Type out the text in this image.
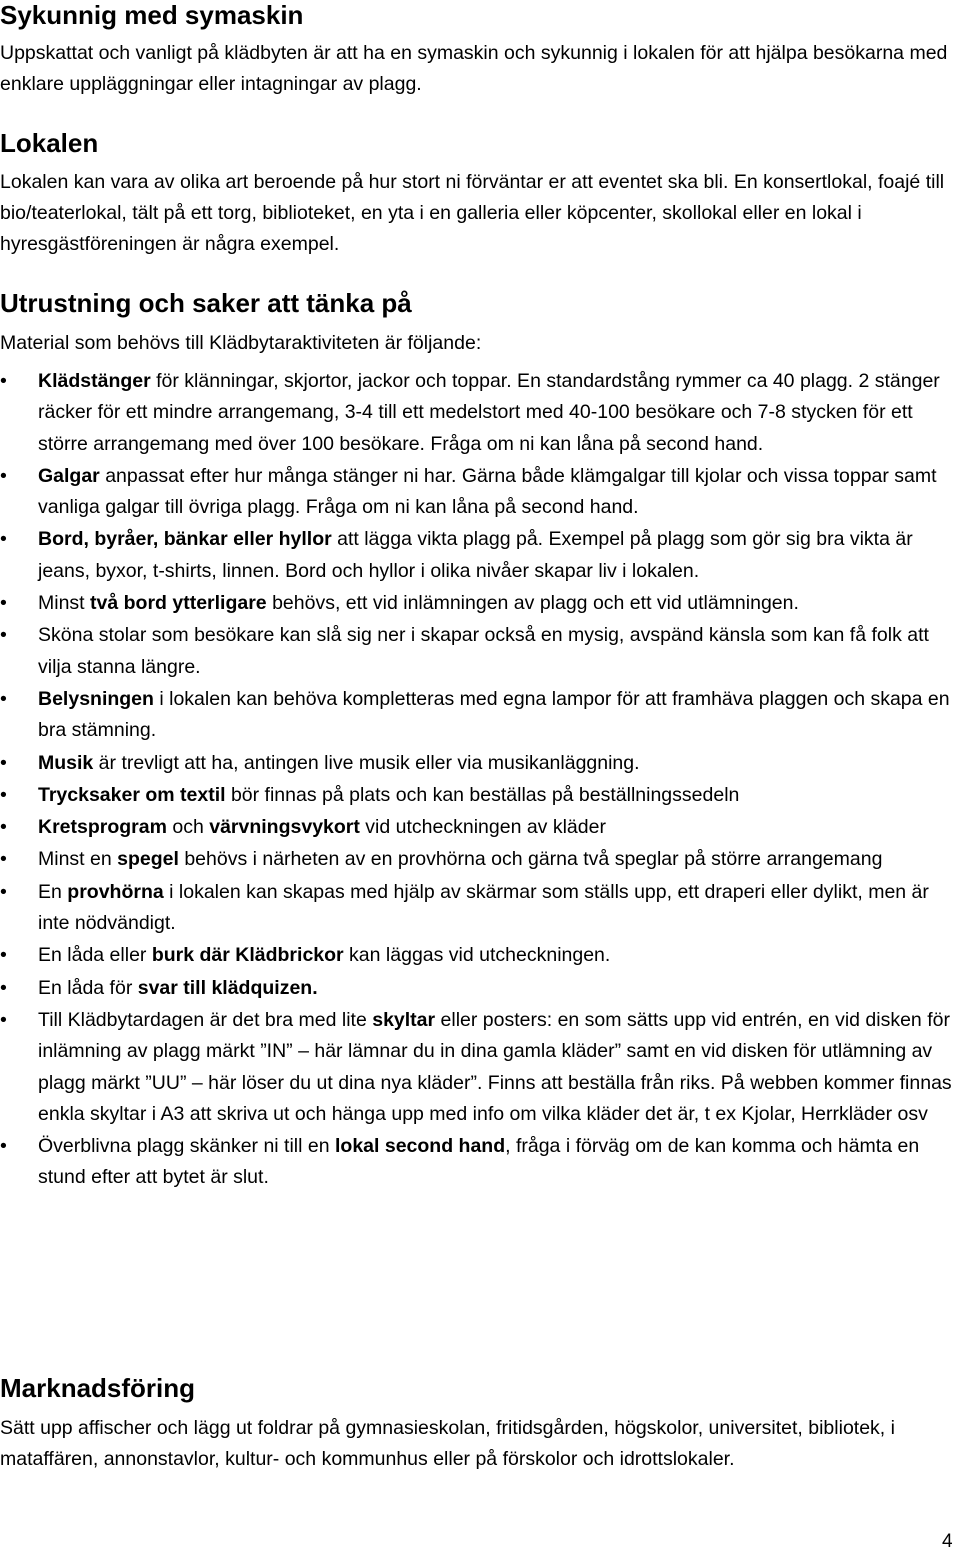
Sykunnig med symaskin

Uppskattat och vanligt på klädbyten är att ha en symaskin och sykunnig i lokalen för att hjälpa besökarna med enklare uppläggningar eller intagningar av plagg.

Lokalen

Lokalen kan vara av olika art beroende på hur stort ni förväntar er att eventet ska bli. En konsertlokal, foajé till bio/teaterlokal, tält på ett torg, biblioteket, en yta i en galleria eller köpcenter, skollokal eller en lokal i hyresgästföreningen är några exempel.

Utrustning och saker att tänka på

Material som behövs till Klädbytaraktiviteten är följande:

•	Klädstänger för klänningar, skjortor, jackor och toppar. En standardstång rymmer ca 40 plagg. 2 stänger räcker för ett mindre arrangemang, 3-4 till ett medelstort med 40-100 besökare och 7-8 stycken för ett större arrangemang med över 100 besökare. Fråga om ni kan låna på second hand.
•	Galgar anpassat efter hur många stänger ni har. Gärna både klämgalgar till kjolar och vissa toppar samt vanliga galgar till övriga plagg. Fråga om ni kan låna på second hand.
•	Bord, byråer, bänkar eller hyllor att lägga vikta plagg på. Exempel på plagg som gör sig bra vikta är jeans, byxor, t-shirts, linnen. Bord och hyllor i olika nivåer skapar liv i lokalen.
•	Minst två bord ytterligare behövs, ett vid inlämningen av plagg och ett vid utlämningen.
•	Sköna stolar som besökare kan slå sig ner i skapar också en mysig, avspänd känsla som kan få folk att vilja stanna längre.
•	Belysningen i lokalen kan behöva kompletteras med egna lampor för att framhäva plaggen och skapa en bra stämning.
•	Musik är trevligt att ha, antingen live musik eller via musikanläggning.
•	Trycksaker om textil bör finnas på plats och kan beställas på beställningssedeln
•	Kretsprogram och värvningsvykort vid utcheckningen av kläder
•	Minst en spegel behövs i närheten av en provhörna och gärna två speglar på större arrangemang
•	En provhörna i lokalen kan skapas med hjälp av skärmar som ställs upp, ett draperi eller dylikt, men är inte nödvändigt.
•	En låda eller burk där Klädbrickor kan läggas vid utcheckningen.
•	En låda för svar till klädquizen.
•	Till Klädbytardagen är det bra med lite skyltar eller posters: en som sätts upp vid entrén, en vid disken för inlämning av plagg märkt ”IN” – här lämnar du in dina gamla kläder” samt en vid disken för utlämning av plagg märkt ”UU” – här löser du ut dina nya kläder”. Finns att beställa från riks. På webben kommer finnas enkla skyltar i A3 att skriva ut och hänga upp med info om vilka kläder det är, t ex Kjolar, Herrkläder osv
•	Överblivna plagg skänker ni till en lokal second hand, fråga i förväg om de kan komma och hämta en stund efter att bytet är slut.
Marknadsföring

Sätt upp affischer och lägg ut foldrar på gymnasieskolan, fritidsgården, högskolor, universitet, bibliotek, i mataffären, annonstavlor, kultur- och kommunhus eller på förskolor och idrottslokaler.

4
